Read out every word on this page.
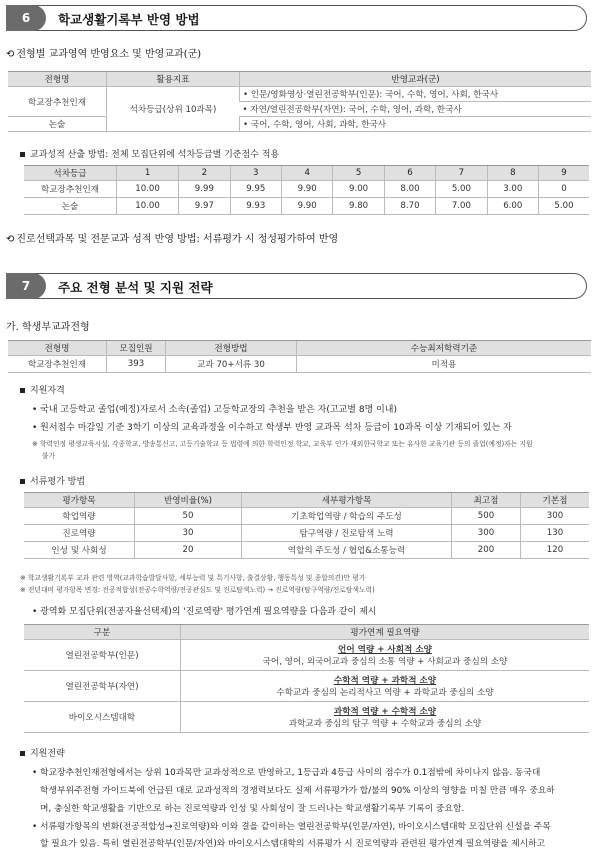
6	학교생활기록부 반영 방법
⟲ 전형별 교과영역 반영요소 및 반영교과(군)
전형명	활용지표	반영교과(군)
학교장추천인재	석차등급(상위 10과목)	• 인문/영화영상·열린전공학부(인문): 국어, 수학, 영어, 사회, 한국사
		• 자연/열린전공학부(자연): 국어, 수학, 영어, 과학, 한국사
논술		• 국어, 수학, 영어, 사회, 과학, 한국사
교과성적 산출 방법: 전체 모집단위에 석차등급별 기준점수 적용
석차등급	1	2	3	4	5	6	7	8	9
학교장추천인재	10.00	9.99	9.95	9.90	9.00	8.00	5.00	3.00	0
논술	10.00	9.97	9.93	9.90	9.80	8.70	7.00	6.00	5.00
⟲ 진로선택과목 및 전문교과 성적 반영 방법: 서류평가 시 정성평가하여 반영
7	주요 전형 분석 및 지원 전략
가. 학생부교과전형
전형명	모집인원	전형방법	수능최저학력기준
학교장추천인재	393	교과 70+서류 30	미적용
지원자격
• 국내 고등학교 졸업(예정)자로서 소속(졸업) 고등학교장의 추천을 받은 자(고교별 8명 이내)
• 원서접수 마감일 기준 3학기 이상의 교육과정을 이수하고 학생부 반영 교과목 석차 등급이 10과목 이상 기재되어 있는 자
※ 학력인정 평생교육시설, 각종학교, 방송통신고, 고등기술학교 등 법령에 의한 학력인정 학교, 교육부 인가 재외한국학교 또는 유사한 교육기관 등의 졸업(예정)자는 지원
불가
서류평가 방법
평가항목	반영비율(%)	세부평가항목	최고점	기본점
학업역량	50	기초학업역량 / 학습의 주도성	500	300
진로역량	30	탐구역량 / 진로탐색 노력	300	130
인성 및 사회성	20	역할의 주도성 / 협업&소통능력	200	120
※ 학교생활기록부 교과 관련 영역(교과학습발달사항, 세부능력 및 특기사항, 출결상황, 행동특성 및 종합의견)만 평가
※ 전년대비 평가항목 변경: 전공적합성(전공수학역량/전공관심도 및 진로탐색노력) → 진로역량(탐구역량/진로탐색노력)
• 광역화 모집단위(전공자율선택제)의 '진로역량' 평가연계 필요역량을 다음과 같이 제시
구분	평가연계 필요역량
열린전공학부(인문)	언어 역량 + 사회적 소양
국어, 영어, 외국어교과 중심의 소통 역량 + 사회교과 중심의 소양

열린전공학부(자연)	수학적 역량 + 과학적 소양
수학교과 중심의 논리적사고 역량 + 과학교과 중심의 소양

바이오시스템대학	과학적 역량 + 수학적 소양
과학교과 중심의 탐구 역량 + 수학교과 중심의 소양
지원전략
• 학교장추천인재전형에서는 상위 10과목만 교과성적으로 반영하고, 1등급과 4등급 사이의 점수가 0.1점밖에 차이나지 않음. 동국대
학생부위주전형 가이드북에 언급된 대로 교과성적의 경쟁력보다도 실제 서류평가가 합/불의 90% 이상의 영향을 미칠 만큼 매우 중요하
며, 충실한 학교생활을 기반으로 하는 진로역량과 인성 및 사회성이 잘 드러나는 학교생활기록부 기록이 중요함.
• 서류평가항목의 변화(전공적합성→진로역량)와 이와 결을 같이하는 열린전공학부(인문/자연), 바이오시스템대학 모집단위 신설을 주목
할 필요가 있음. 특히 열린전공학부(인문/자연)와 바이오시스템대학의 서류평가 시 진로역량과 관련된 평가연계 필요역량을 제시하고
